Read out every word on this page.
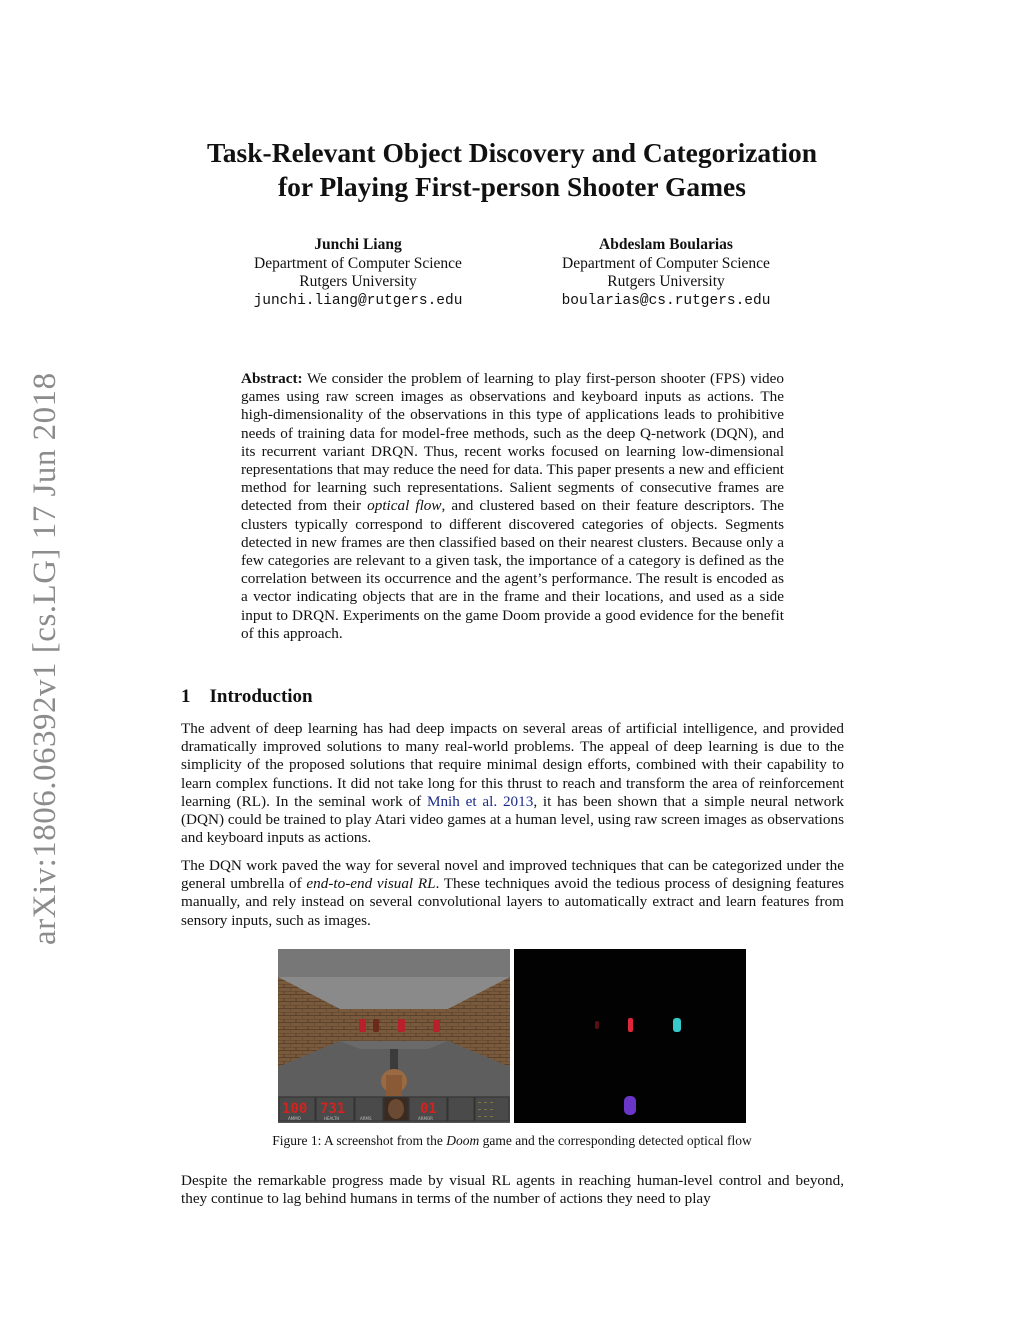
arXiv:1806.06392v1 [cs.LG] 17 Jun 2018
Task-Relevant Object Discovery and Categorization
for Playing First-person Shooter Games
Junchi Liang
Department of Computer Science
Rutgers University
junchi.liang@rutgers.edu
Abdeslam Boularias
Department of Computer Science
Rutgers University
boularias@cs.rutgers.edu
Abstract: We consider the problem of learning to play first-person shooter (FPS) video games using raw screen images as observations and keyboard inputs as actions. The high-dimensionality of the observations in this type of applications leads to prohibitive needs of training data for model-free methods, such as the deep Q-network (DQN), and its recurrent variant DRQN. Thus, recent works focused on learning low-dimensional representations that may reduce the need for data. This paper presents a new and efficient method for learning such representations. Salient segments of consecutive frames are detected from their optical flow, and clustered based on their feature descriptors. The clusters typically correspond to different discovered categories of objects. Segments detected in new frames are then classified based on their nearest clusters. Because only a few categories are relevant to a given task, the importance of a category is defined as the correlation between its occurrence and the agent’s performance. The result is encoded as a vector indicating objects that are in the frame and their locations, and used as a side input to DRQN. Experiments on the game Doom provide a good evidence for the benefit of this approach.
1 Introduction
The advent of deep learning has had deep impacts on several areas of artificial intelligence, and provided dramatically improved solutions to many real-world problems. The appeal of deep learning is due to the simplicity of the proposed solutions that require minimal design efforts, combined with their capability to learn complex functions. It did not take long for this thrust to reach and transform the area of reinforcement learning (RL). In the seminal work of Mnih et al. 2013, it has been shown that a simple neural network (DQN) could be trained to play Atari video games at a human level, using raw screen images as observations and keyboard inputs as actions.
The DQN work paved the way for several novel and improved techniques that can be categorized under the general umbrella of end-to-end visual RL. These techniques avoid the tedious process of designing features manually, and rely instead on several convolutional layers to automatically extract and learn features from sensory inputs, such as images.
— — —
— — —
— — —
100 731	01
AMMO	HEALTH	ARMS	ARMOR
Figure 1: A screenshot from the Doom game and the corresponding detected optical flow
Despite the remarkable progress made by visual RL agents in reaching human-level control and beyond, they continue to lag behind humans in terms of the number of actions they need to play
